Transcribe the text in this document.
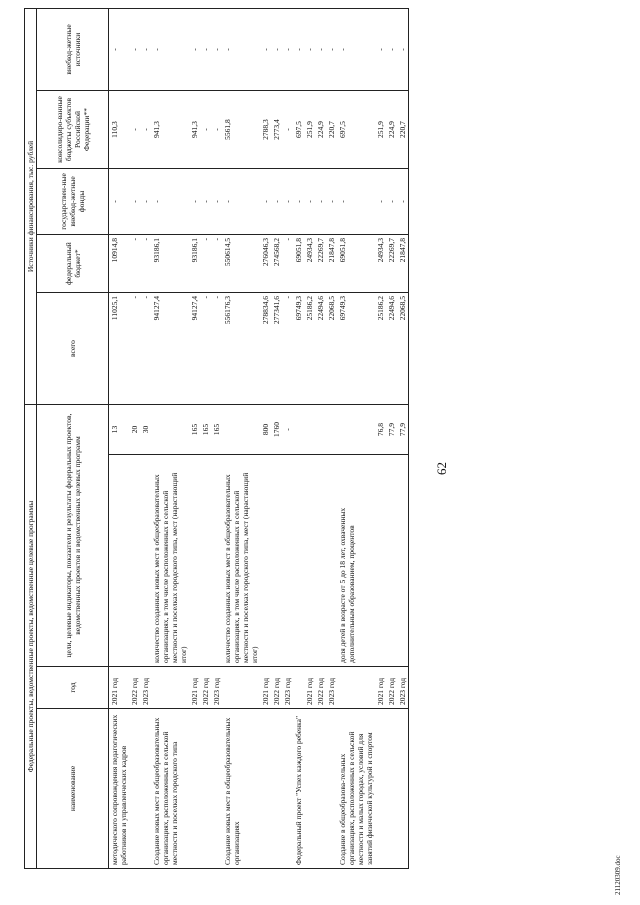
62
Федеральные проекты, ведомственные проекты, ведомственные целевые программы				Источники финансирования, тыс. рублей				
наименование	год	цели, целевые индикаторы, показатели и результаты федеральных проектов, ведомственных проектов и ведомственных целевых программ		всего	федеральный бюджет*	государствен-ные внебюд-жетные фонды	консолидиро-ванные бюджеты субъектов Российской Федерации**	внебюд-жетные источники
методического сопровождения педагогических работников и управленческих кадров	2021 год		13	11025,1	10914,8	-	110,3	-
	2022 год		20	-	-	-	-	-
	2023 год		30	-	-	-	-	-
Создание новых мест в общеобразовательных организациях, расположенных в сельской местности и поселках городского типа		количество созданных новых мест в общеобразовательных организациях, в том числе расположенных в сельской местности и поселках городского типа, мест (нарастающий итог)		94127,4	93186,1	-	941,3	-
	2021 год		165	94127,4	93186,1	-	941,3	-
	2022 год		165	-	-	-	-	-
	2023 год		165	-	-	-	-	-
Создание новых мест в общеобразовательных организациях		количество созданных новых мест в общеобразовательных организациях, в том числе расположенных в сельской местности и поселках городского типа, мест (нарастающий итог)		556176,3	550614,5	-	5561,8	-
	2021 год		800	278834,6	276046,3	-	2788,3	-
	2022 год		1760	277341,6	274568,2	-	2773,4	-
	2023 год		-	-	-	-	-	-
Федеральный проект "Успех каждого ребенка"				69749,3	69051,8	-	697,5	-
	2021 год			25186,2	24934,3	-	251,9	-
	2022 год			22494,6	22269,7	-	224,9	-
	2023 год			22068,5	21847,8	-	220,7	-
Создание в общеобразова-тельных организациях, расположенных в сельской местности и малых городах, условий для занятий физической культурой и спортом		доля детей в возрасте от 5 до 18 лет, охваченных дополнительным образованием, процентов		69749,3	69051,8	-	697,5	-
	2021 год		76,8	25186,2	24934,3	-	251,9	-
	2022 год		77,9	22494,6	22269,7	-	224,9	-
	2023 год		77,9	22068,5	21847,8	-	220,7	-
21120309.doc
